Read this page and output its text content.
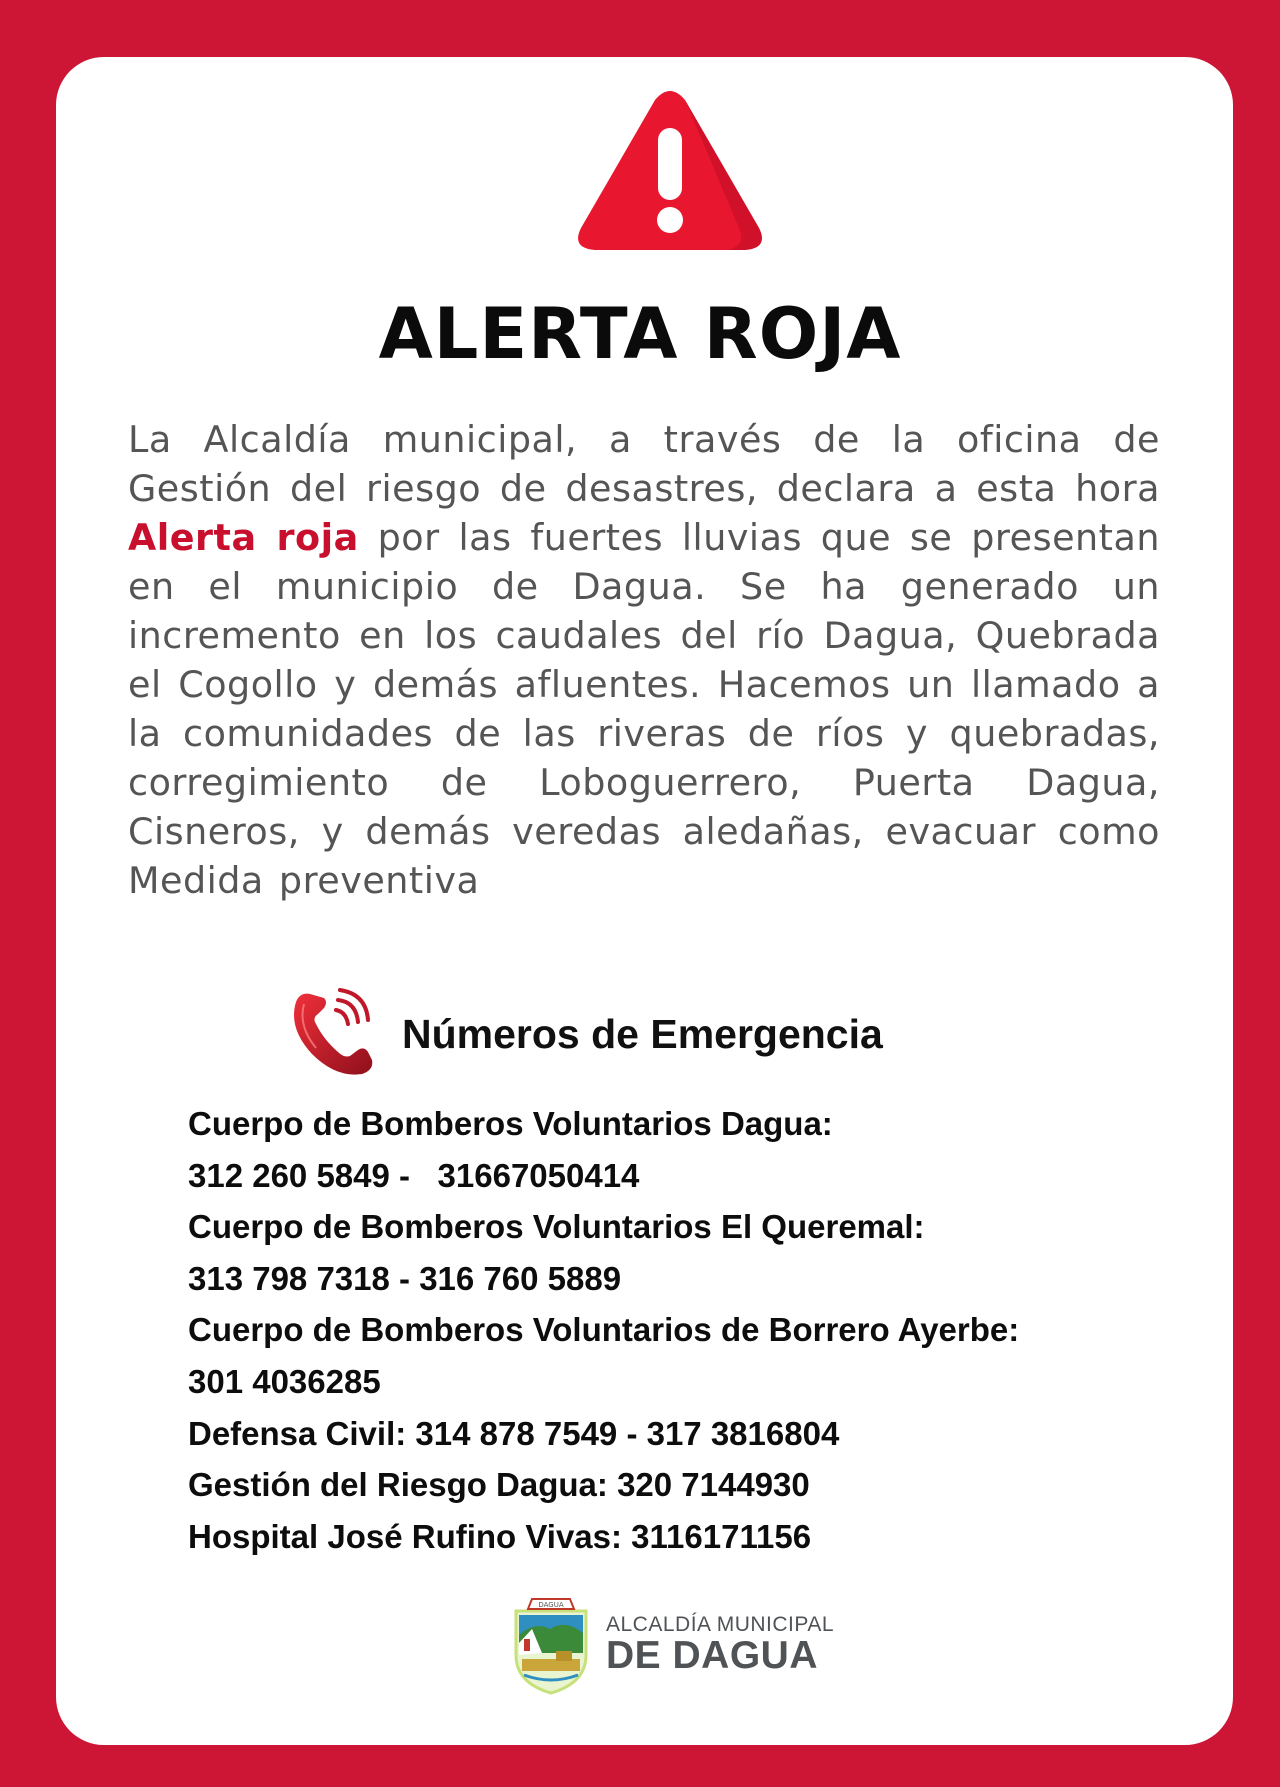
ALERTA ROJA
La Alcaldía municipal, a través de la oficina de Gestión del riesgo de desastres, declara a esta hora Alerta roja por las fuertes lluvias que se presentan en el municipio de Dagua. Se ha generado un incremento en los caudales del río Dagua, Quebrada el Cogollo y demás afluentes. Hacemos un llamado a la comunidades de las riveras de ríos y quebradas, corregimiento de Loboguerrero, Puerta Dagua, Cisneros, y demás veredas aledañas, evacuar como Medida preventiva
Números de Emergencia
Cuerpo de Bomberos Voluntarios Dagua:
312 260 5849 -   31667050414
Cuerpo de Bomberos Voluntarios El Queremal:
313 798 7318 - 316 760 5889
Cuerpo de Bomberos Voluntarios de Borrero Ayerbe:
301 4036285
Defensa Civil: 314 878 7549 - 317 3816804
Gestión del Riesgo Dagua: 320 7144930
Hospital José Rufino Vivas: 3116171156
DAGUA
ALCALDÍA MUNICIPAL
DE DAGUA
